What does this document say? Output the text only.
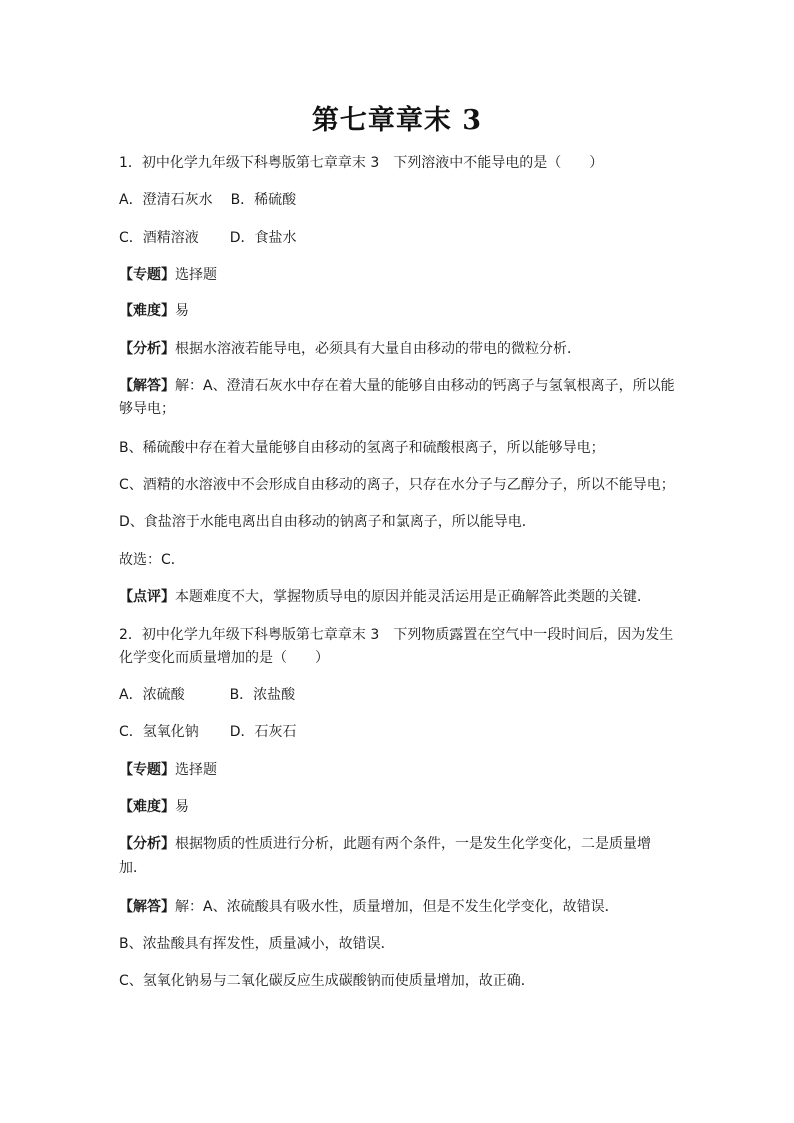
第七章章末 3
1．初中化学九年级下科粤版第七章章末 3　下列溶液中不能导电的是（　　）
A．澄清石灰水 B．稀硫酸
C．酒精溶液 D．食盐水
【专题】选择题
【难度】易
【分析】根据水溶液若能导电，必须具有大量自由移动的带电的微粒分析．
【解答】解：A、澄清石灰水中存在着大量的能够自由移动的钙离子与氢氧根离子，所以能
够导电；
B、稀硫酸中存在着大量能够自由移动的氢离子和硫酸根离子，所以能够导电；
C、酒精的水溶液中不会形成自由移动的离子，只存在水分子与乙醇分子，所以不能导电；
D、食盐溶于水能电离出自由移动的钠离子和氯离子，所以能导电．
故选：C．
【点评】本题难度不大，掌握物质导电的原因并能灵活运用是正确解答此类题的关键．
2．初中化学九年级下科粤版第七章章末 3　下列物质露置在空气中一段时间后，因为发生
化学变化而质量增加的是（　　）
A．浓硫酸	B．浓盐酸
C．氢氧化钠 D．石灰石
【专题】选择题
【难度】易
【分析】根据物质的性质进行分析，此题有两个条件，一是发生化学变化，二是质量增
加．
【解答】解：A、浓硫酸具有吸水性，质量增加，但是不发生化学变化，故错误．
B、浓盐酸具有挥发性，质量减小，故错误．
C、氢氧化钠易与二氧化碳反应生成碳酸钠而使质量增加，故正确．
